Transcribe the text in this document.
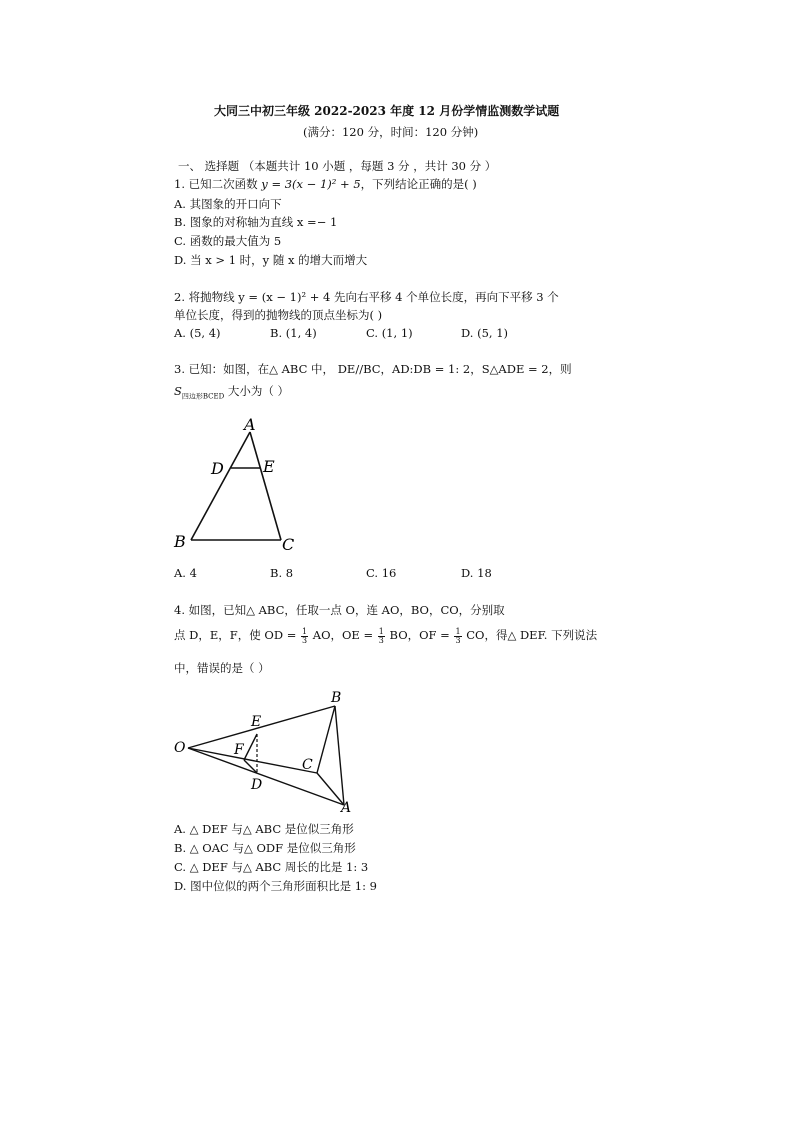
大同三中初三年级 2022-2023 年度 12 月份学情监测数学试题
(满分：120 分，时间：120 分钟)
一、 选择题 （本题共计 10 小题 ，每题 3 分 ，共计 30 分 ）
1. 已知二次函数 y = 3(x − 1)² + 5，下列结论正确的是( )
A. 其图象的开口向下
B. 图象的对称轴为直线 x =− 1
C. 函数的最大值为 5
D. 当 x > 1 时，y 随 x 的增大而增大
2. 将抛物线 y = (x − 1)² + 4 先向右平移 4 个单位长度，再向下平移 3 个
单位长度，得到的抛物线的顶点坐标为( )
A. (5, 4)	B. (1, 4)	C. (1, 1)	D. (5, 1)
3. 已知：如图，在△ ABC 中， DE//BC，AD:DB = 1: 2，S△ADE = 2，则
$S_{四边形BCED}$ 大小为（ ）
A
D E
B	C
A. 4	B. 8	C. 16	D. 18
4. 如图，已知△ ABC，任取一点 O，连 AO，BO，CO，分别取
点 D，E，F，使 OD = $\frac{1}{3}$ AO，OE = $\frac{1}{3}$ BO，OF = $\frac{1}{3}$ CO，得△ DEF. 下列说法
中，错误的是（ ）
O
E
F
D
B
C
A
A. △ DEF 与△ ABC 是位似三角形
B. △ OAC 与△ ODF 是位似三角形
C. △ DEF 与△ ABC 周长的比是 1: 3
D. 图中位似的两个三角形面积比是 1: 9
